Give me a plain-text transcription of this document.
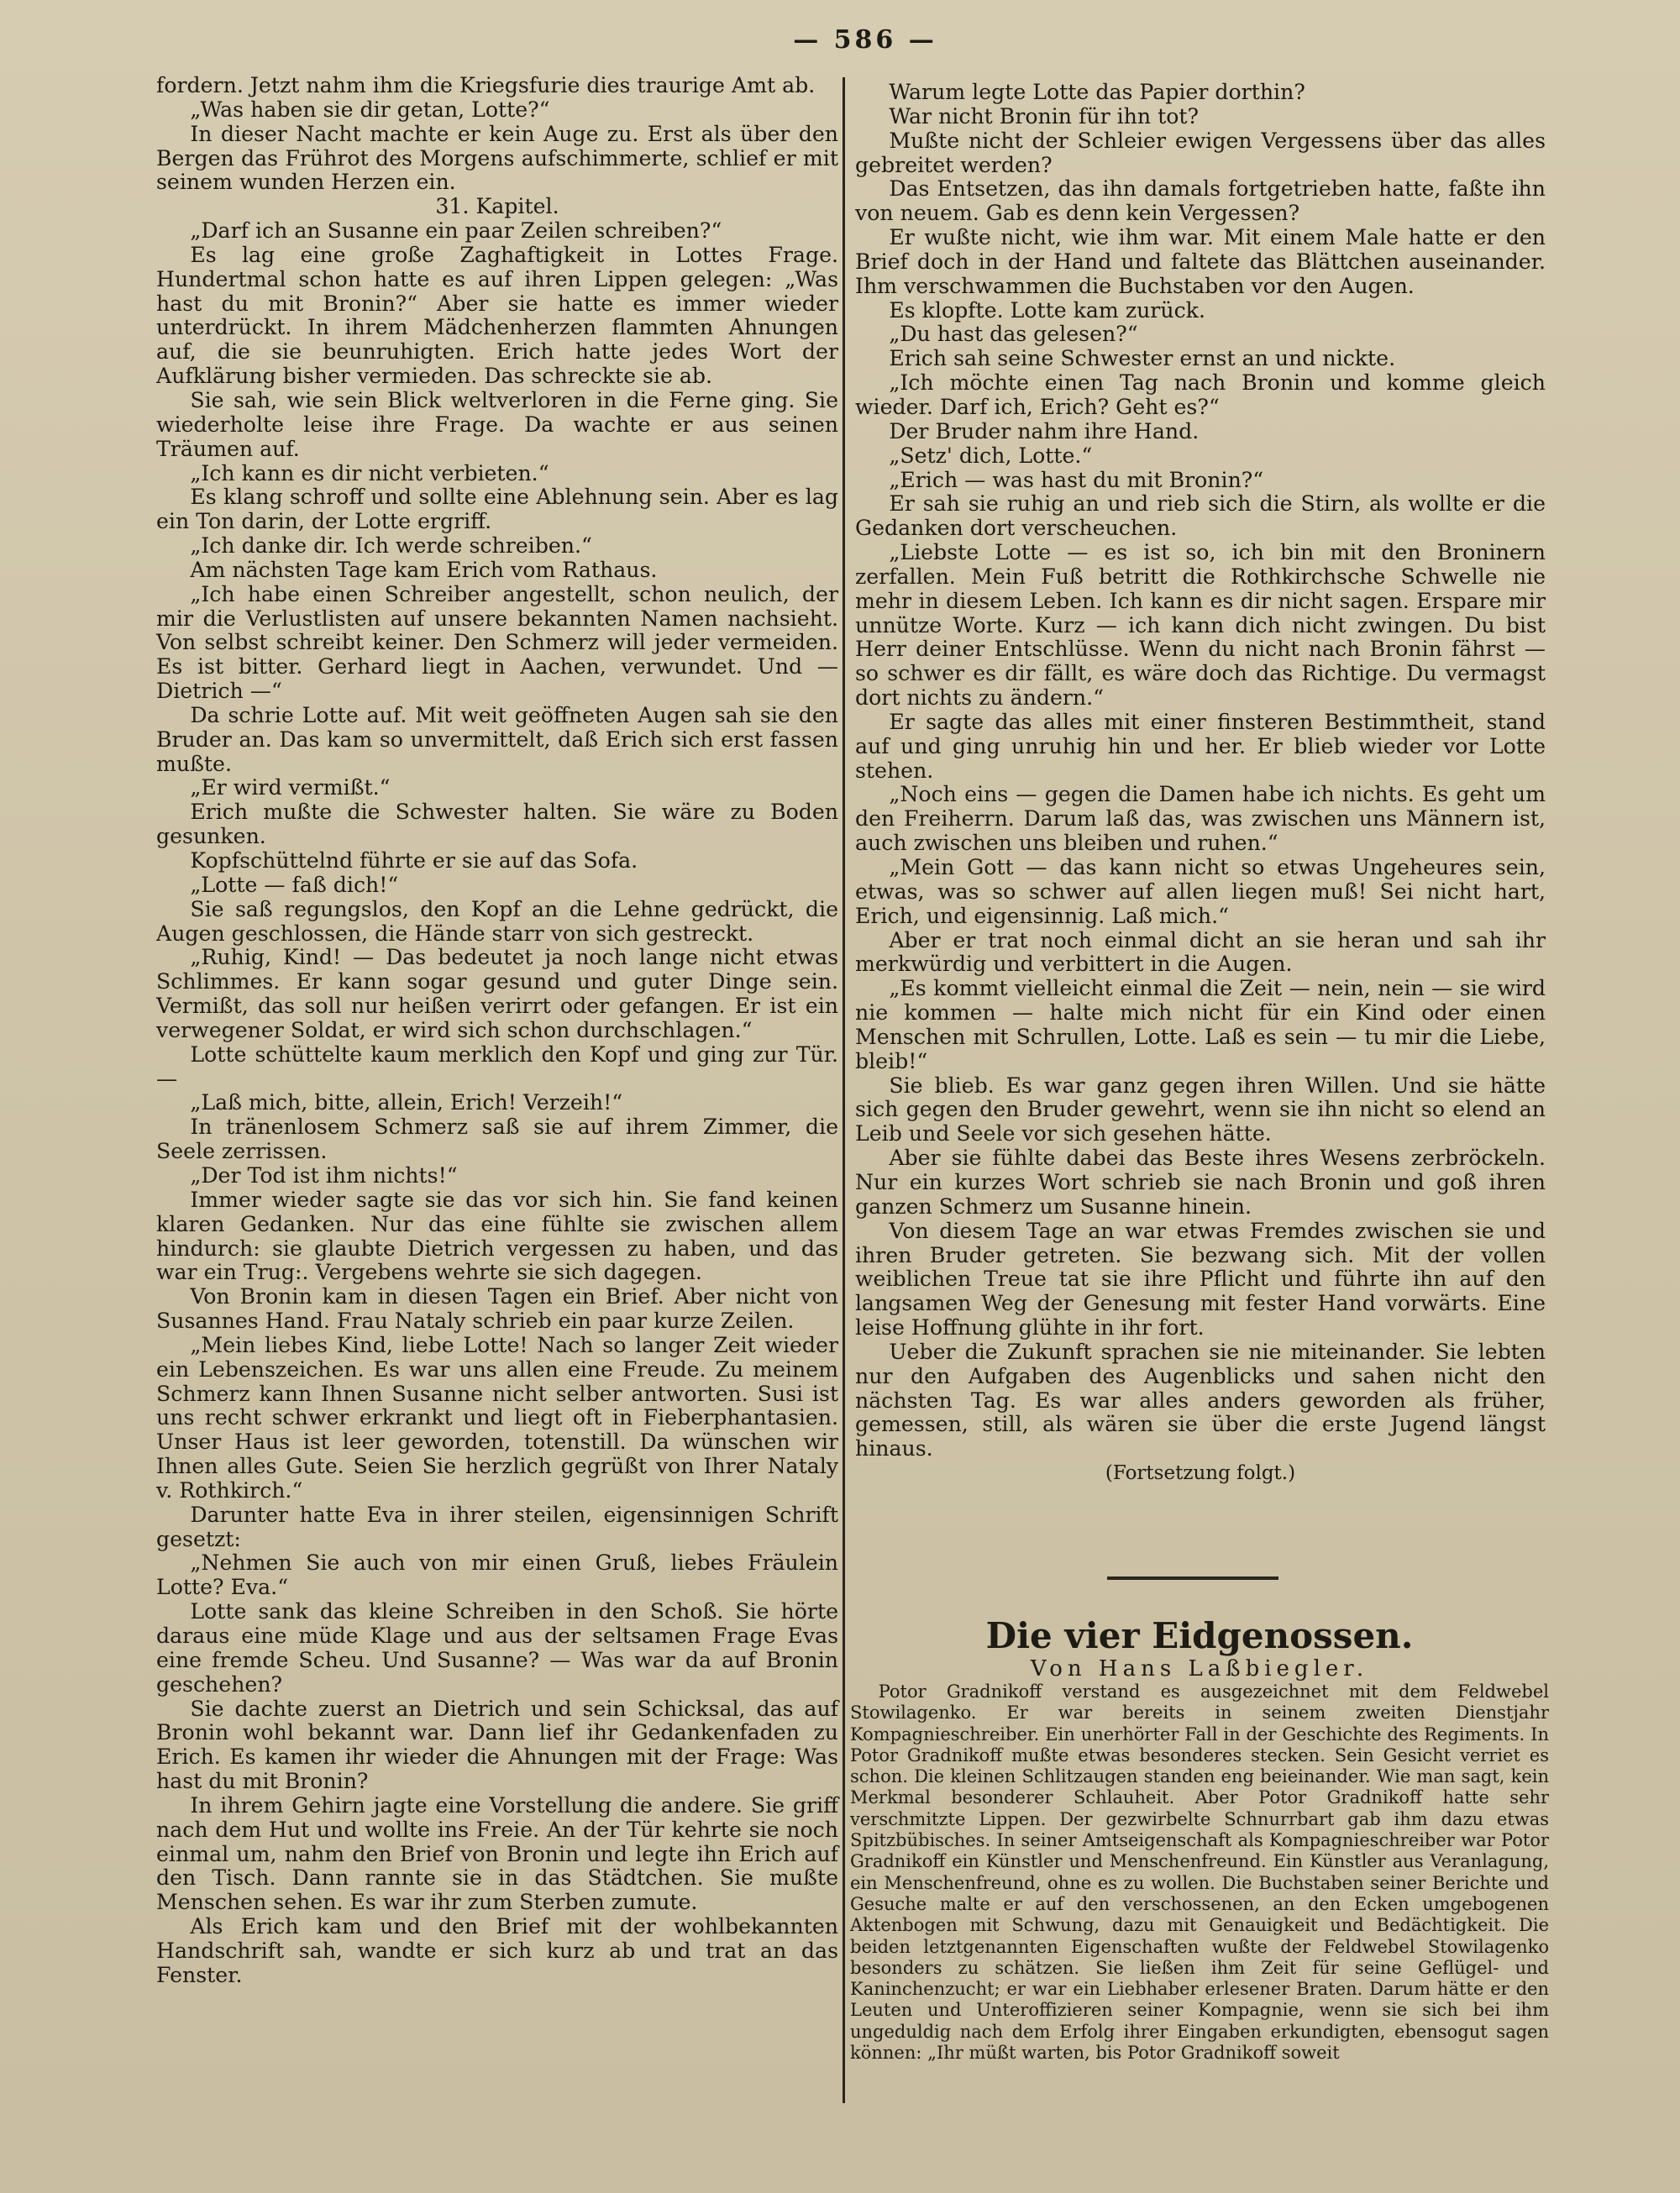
— 586 —

fordern. Jetzt nahm ihm die Kriegsfurie dies traurige Amt ab.

„Was haben sie dir getan, Lotte?“

In dieser Nacht machte er kein Auge zu. Erst als über den Bergen das Frührot des Morgens aufschimmerte, schlief er mit seinem wunden Herzen ein.

31. Kapitel.

„Darf ich an Susanne ein paar Zeilen schreiben?“

Es lag eine große Zaghaftigkeit in Lottes Frage. Hundertmal schon hatte es auf ihren Lippen gelegen: „Was hast du mit Bronin?“ Aber sie hatte es immer wieder unterdrückt. In ihrem Mädchenherzen flammten Ahnungen auf, die sie beunruhigten. Erich hatte jedes Wort der Aufklärung bisher vermieden. Das schreckte sie ab.

Sie sah, wie sein Blick weltverloren in die Ferne ging. Sie wiederholte leise ihre Frage. Da wachte er aus seinen Träumen auf.

„Ich kann es dir nicht verbieten.“

Es klang schroff und sollte eine Ablehnung sein. Aber es lag ein Ton darin, der Lotte ergriff.

„Ich danke dir. Ich werde schreiben.“

Am nächsten Tage kam Erich vom Rathaus.

„Ich habe einen Schreiber angestellt, schon neulich, der mir die Verlustlisten auf unsere bekannten Namen nachsieht. Von selbst schreibt keiner. Den Schmerz will jeder vermeiden. Es ist bitter. Gerhard liegt in Aachen, verwundet. Und — Dietrich —“

Da schrie Lotte auf. Mit weit geöffneten Augen sah sie den Bruder an. Das kam so unvermittelt, daß Erich sich erst fassen mußte.

„Er wird vermißt.“

Erich mußte die Schwester halten. Sie wäre zu Boden gesunken.

Kopfschüttelnd führte er sie auf das Sofa.

„Lotte — faß dich!“

Sie saß regungslos, den Kopf an die Lehne gedrückt, die Augen geschlossen, die Hände starr von sich gestreckt.

„Ruhig, Kind! — Das bedeutet ja noch lange nicht etwas Schlimmes. Er kann sogar gesund und guter Dinge sein. Vermißt, das soll nur heißen verirrt oder gefangen. Er ist ein verwegener Soldat, er wird sich schon durchschlagen.“

Lotte schüttelte kaum merklich den Kopf und ging zur Tür. —

„Laß mich, bitte, allein, Erich! Verzeih!“

In tränenlosem Schmerz saß sie auf ihrem Zimmer, die Seele zerrissen.

„Der Tod ist ihm nichts!“

Immer wieder sagte sie das vor sich hin. Sie fand keinen klaren Gedanken. Nur das eine fühlte sie zwischen allem hindurch: sie glaubte Dietrich vergessen zu haben, und das war ein Trug:. Vergebens wehrte sie sich dagegen.

Von Bronin kam in diesen Tagen ein Brief. Aber nicht von Susannes Hand. Frau Nataly schrieb ein paar kurze Zeilen.

„Mein liebes Kind, liebe Lotte! Nach so langer Zeit wieder ein Lebenszeichen. Es war uns allen eine Freude. Zu meinem Schmerz kann Ihnen Susanne nicht selber antworten. Susi ist uns recht schwer erkrankt und liegt oft in Fieberphantasien. Unser Haus ist leer geworden, totenstill. Da wünschen wir Ihnen alles Gute. Seien Sie herzlich gegrüßt von Ihrer Nataly v. Rothkirch.“

Darunter hatte Eva in ihrer steilen, eigensinnigen Schrift gesetzt:

„Nehmen Sie auch von mir einen Gruß, liebes Fräulein Lotte? Eva.“

Lotte sank das kleine Schreiben in den Schoß. Sie hörte daraus eine müde Klage und aus der seltsamen Frage Evas eine fremde Scheu. Und Susanne? — Was war da auf Bronin geschehen?

Sie dachte zuerst an Dietrich und sein Schicksal, das auf Bronin wohl bekannt war. Dann lief ihr Gedankenfaden zu Erich. Es kamen ihr wieder die Ahnungen mit der Frage: Was hast du mit Bronin?

In ihrem Gehirn jagte eine Vorstellung die andere. Sie griff nach dem Hut und wollte ins Freie. An der Tür kehrte sie noch einmal um, nahm den Brief von Bronin und legte ihn Erich auf den Tisch. Dann rannte sie in das Städtchen. Sie mußte Menschen sehen. Es war ihr zum Sterben zumute.

Als Erich kam und den Brief mit der wohlbekannten Handschrift sah, wandte er sich kurz ab und trat an das Fenster.

Warum legte Lotte das Papier dorthin?

War nicht Bronin für ihn tot?

Mußte nicht der Schleier ewigen Vergessens über das alles gebreitet werden?

Das Entsetzen, das ihn damals fortgetrieben hatte, faßte ihn von neuem. Gab es denn kein Vergessen?

Er wußte nicht, wie ihm war. Mit einem Male hatte er den Brief doch in der Hand und faltete das Blättchen auseinander. Ihm verschwammen die Buchstaben vor den Augen.

Es klopfte. Lotte kam zurück.

„Du hast das gelesen?“

Erich sah seine Schwester ernst an und nickte.

„Ich möchte einen Tag nach Bronin und komme gleich wieder. Darf ich, Erich? Geht es?“

Der Bruder nahm ihre Hand.

„Setz' dich, Lotte.“

„Erich — was hast du mit Bronin?“

Er sah sie ruhig an und rieb sich die Stirn, als wollte er die Gedanken dort verscheuchen.

„Liebste Lotte — es ist so, ich bin mit den Broninern zerfallen. Mein Fuß betritt die Rothkirchsche Schwelle nie mehr in diesem Leben. Ich kann es dir nicht sagen. Erspare mir unnütze Worte. Kurz — ich kann dich nicht zwingen. Du bist Herr deiner Entschlüsse. Wenn du nicht nach Bronin fährst — so schwer es dir fällt, es wäre doch das Richtige. Du vermagst dort nichts zu ändern.“

Er sagte das alles mit einer finsteren Bestimmtheit, stand auf und ging unruhig hin und her. Er blieb wieder vor Lotte stehen.

„Noch eins — gegen die Damen habe ich nichts. Es geht um den Freiherrn. Darum laß das, was zwischen uns Männern ist, auch zwischen uns bleiben und ruhen.“

„Mein Gott — das kann nicht so etwas Ungeheures sein, etwas, was so schwer auf allen liegen muß! Sei nicht hart, Erich, und eigensinnig. Laß mich.“

Aber er trat noch einmal dicht an sie heran und sah ihr merkwürdig und verbittert in die Augen.

„Es kommt vielleicht einmal die Zeit — nein, nein — sie wird nie kommen — halte mich nicht für ein Kind oder einen Menschen mit Schrullen, Lotte. Laß es sein — tu mir die Liebe, bleib!“

Sie blieb. Es war ganz gegen ihren Willen. Und sie hätte sich gegen den Bruder gewehrt, wenn sie ihn nicht so elend an Leib und Seele vor sich gesehen hätte.

Aber sie fühlte dabei das Beste ihres Wesens zerbröckeln. Nur ein kurzes Wort schrieb sie nach Bronin und goß ihren ganzen Schmerz um Susanne hinein.

Von diesem Tage an war etwas Fremdes zwischen sie und ihren Bruder getreten. Sie bezwang sich. Mit der vollen weiblichen Treue tat sie ihre Pflicht und führte ihn auf den langsamen Weg der Genesung mit fester Hand vorwärts. Eine leise Hoffnung glühte in ihr fort.

Ueber die Zukunft sprachen sie nie miteinander. Sie lebten nur den Aufgaben des Augenblicks und sahen nicht den nächsten Tag. Es war alles anders geworden als früher, gemessen, still, als wären sie über die erste Jugend längst hinaus.

(Fortsetzung folgt.)

Die vier Eidgenossen.

Von Hans Laßbiegler.

Potor Gradnikoff verstand es ausgezeichnet mit dem Feldwebel Stowilagenko. Er war bereits in seinem zweiten Dienstjahr Kompagnieschreiber. Ein unerhörter Fall in der Geschichte des Regiments. In Potor Gradnikoff mußte etwas besonderes stecken. Sein Gesicht verriet es schon. Die kleinen Schlitzaugen standen eng beieinander. Wie man sagt, kein Merkmal besonderer Schlauheit. Aber Potor Gradnikoff hatte sehr verschmitzte Lippen. Der gezwirbelte Schnurrbart gab ihm dazu etwas Spitzbübisches. In seiner Amtseigenschaft als Kompagnieschreiber war Potor Gradnikoff ein Künstler und Menschenfreund. Ein Künstler aus Veranlagung, ein Menschenfreund, ohne es zu wollen. Die Buchstaben seiner Berichte und Gesuche malte er auf den verschossenen, an den Ecken umgebogenen Aktenbogen mit Schwung, dazu mit Genauigkeit und Bedächtigkeit. Die beiden letztgenannten Eigenschaften wußte der Feldwebel Stowilagenko besonders zu schätzen. Sie ließen ihm Zeit für seine Geflügel- und Kaninchenzucht; er war ein Liebhaber erlesener Braten. Darum hätte er den Leuten und Unteroffizieren seiner Kompagnie, wenn sie sich bei ihm ungeduldig nach dem Erfolg ihrer Eingaben erkundigten, ebensogut sagen können: „Ihr müßt warten, bis Potor Gradnikoff soweit
